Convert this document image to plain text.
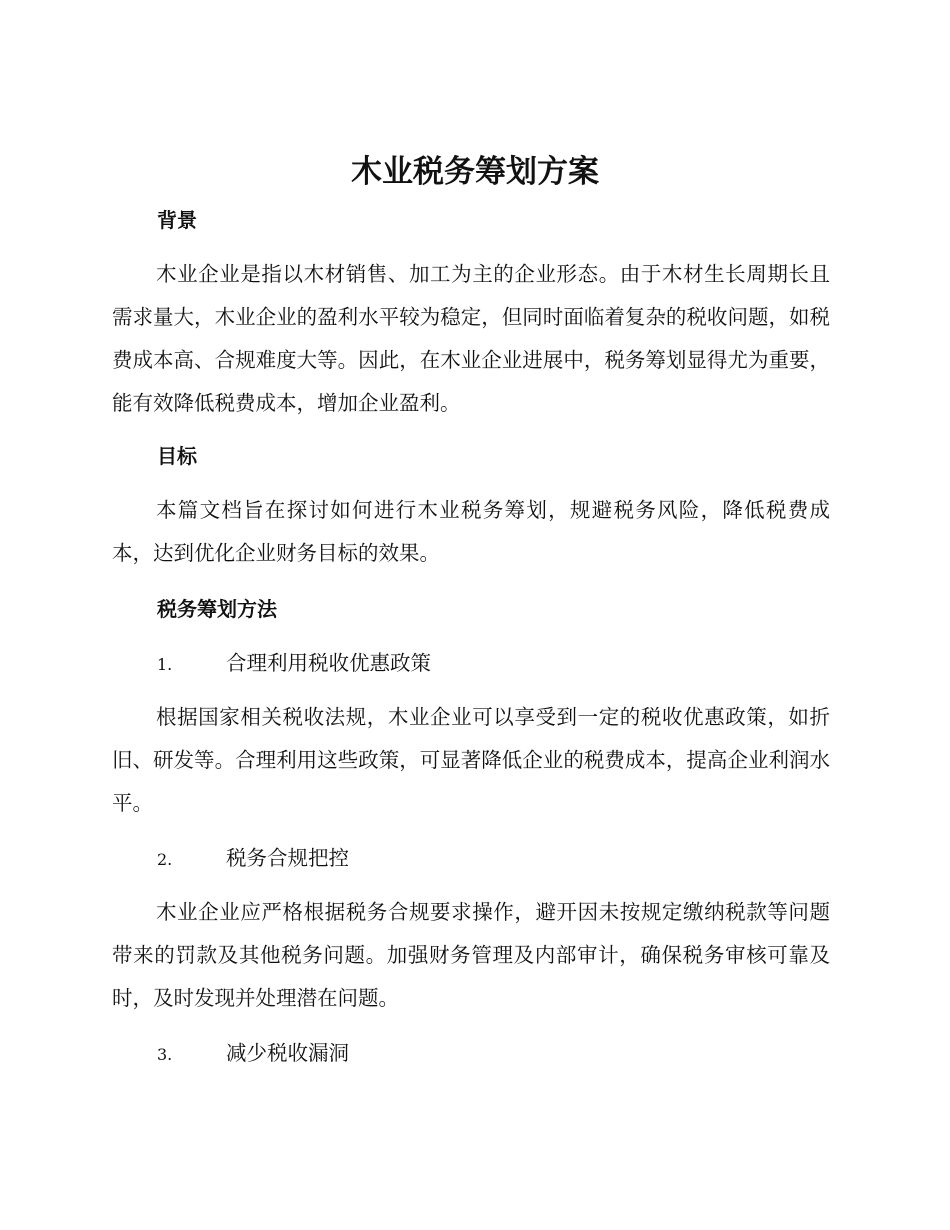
木业税务筹划方案
背景

木业企业是指以木材销售、加工为主的企业形态。由于木材生长周期长且需求量大，木业企业的盈利水平较为稳定，但同时面临着复杂的税收问题，如税费成本高、合规难度大等。因此，在木业企业进展中，税务筹划显得尤为重要，能有效降低税费成本，增加企业盈利。

目标

本篇文档旨在探讨如何进行木业税务筹划，规避税务风险，降低税费成本，达到优化企业财务目标的效果。

税务筹划方法
1.	合理利用税收优惠政策

根据国家相关税收法规，木业企业可以享受到一定的税收优惠政策，如折旧、研发等。合理利用这些政策，可显著降低企业的税费成本，提高企业利润水平。

2.	税务合规把控

木业企业应严格根据税务合规要求操作，避开因未按规定缴纳税款等问题带来的罚款及其他税务问题。加强财务管理及内部审计，确保税务审核可靠及时，及时发现并处理潜在问题。

3.	减少税收漏洞
